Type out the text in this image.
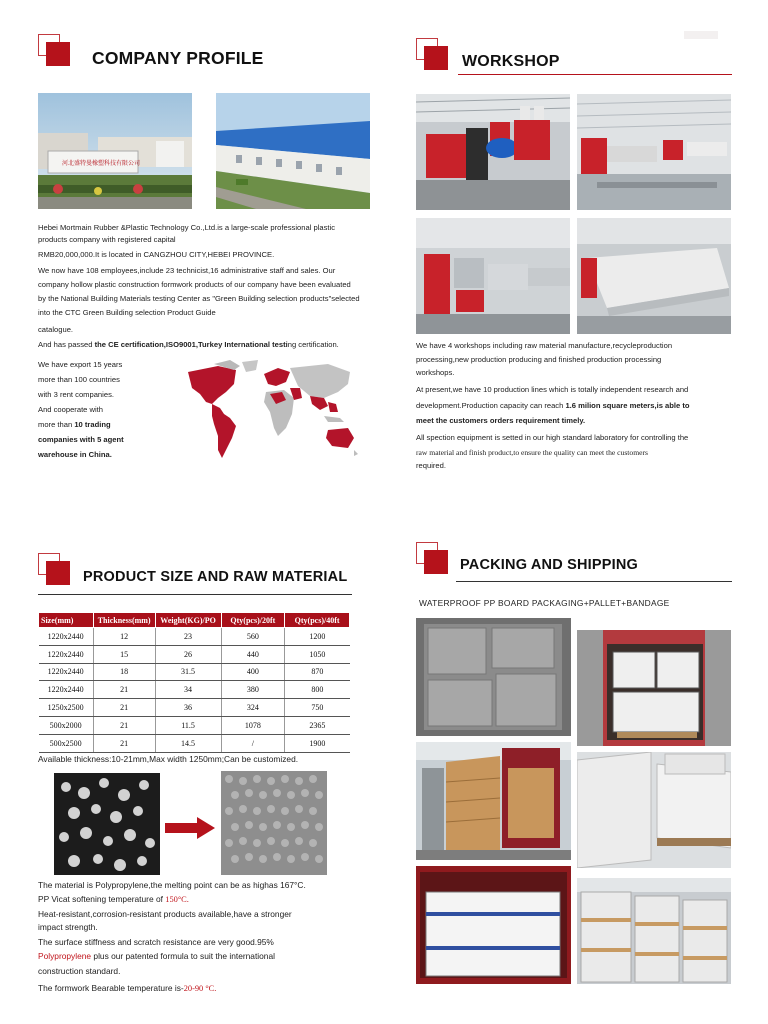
COMPANY PROFILE
河北盛特曼橡塑科技有限公司

Hebei Mortmain Rubber &Plastic Technology Co.,Ltd.is a large-scale professional plastic

products company with registered capital

RMB20,000,000.It is located in CANGZHOU CITY,HEBEI PROVINCE.

We now have 108 employees,include 23 technicist,16 administrative staff and sales. Our

company hollow plastic construction formwork products of our company have been evaluated

by the National Building Materials testing Center as "Green Building selection products"selected

into the CTC Green Building selection Product Guide

catalogue.

And has passed the CE certification,ISO9001,Turkey International testing certification.

We have export 15 years

more than 100 countries

with 3 rent companies.

And cooperate with

more than 10 trading

companies with 5 agent

warehouse in China.

WORKSHOP

We have 4 workshops including raw material manufacture,recycleproduction

processing,new production producing and finished production processing

workshops.

At present,we have 10 production lines which is totally independent research and

development.Production capacity can reach 1.6 milion square meters,is able to

meet the customers orders requirement timely.

All spection equipment is setted in our high standard laboratory for controlling the

raw material and finish product,to ensure the quality can meet the customers

required.

PRODUCT SIZE AND RAW MATERIAL
Size(mm)	Thickness(mm)	Weight(KG)/PO	Qty(pcs)/20ft	Qty(pcs)/40ft
1220x2440	12	23	560	1200
1220x2440	15	26	440	1050
1220x2440	18	31.5	400	870
1220x2440	21	34	380	800
1250x2500	21	36	324	750
500x2000	21	11.5	1078	2365
500x2500	21	14.5	/	1900
Available thickness:10-21mm,Max width 1250mm;Can be customized.

The material is Polypropylene,the melting point can be as highas 167°C.

PP Vicat softening temperature of 150°C.

Heat-resistant,corrosion-resistant products available,have a stronger

impact strength.

The surface stiffness and scratch resistance are very good.95%

Polypropylene plus our patented formula to suit the international

construction standard.

The formwork Bearable temperature is-20-90 °C.

PACKING AND SHIPPING
WATERPROOF PP BOARD PACKAGING+PALLET+BANDAGE
